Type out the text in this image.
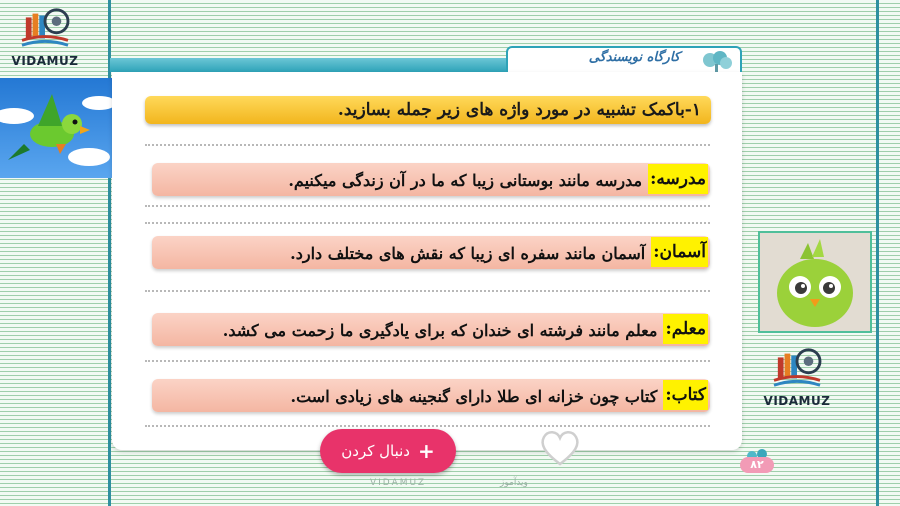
VIDAMUZ	کارگاه نویسندگی
۱-باکمک تشبیه در مورد واژه های زیر جمله بسازید.
مدرسه:مدرسه مانند بوستانی زیبا که ما در آن زندگی میکنیم.
آسمان:آسمان مانند سفره ای زیبا که نقش های مختلف دارد.
معلم:معلم مانند فرشته ای خندان که برای یادگیری ما زحمت می کشد.
کتاب:کتاب چون خزانه ای طلا دارای گنجینه های زیادی است.	VIDAMUZ
+
دنبال کردن
VIDAMUZ	ویدآموز
۸۲
